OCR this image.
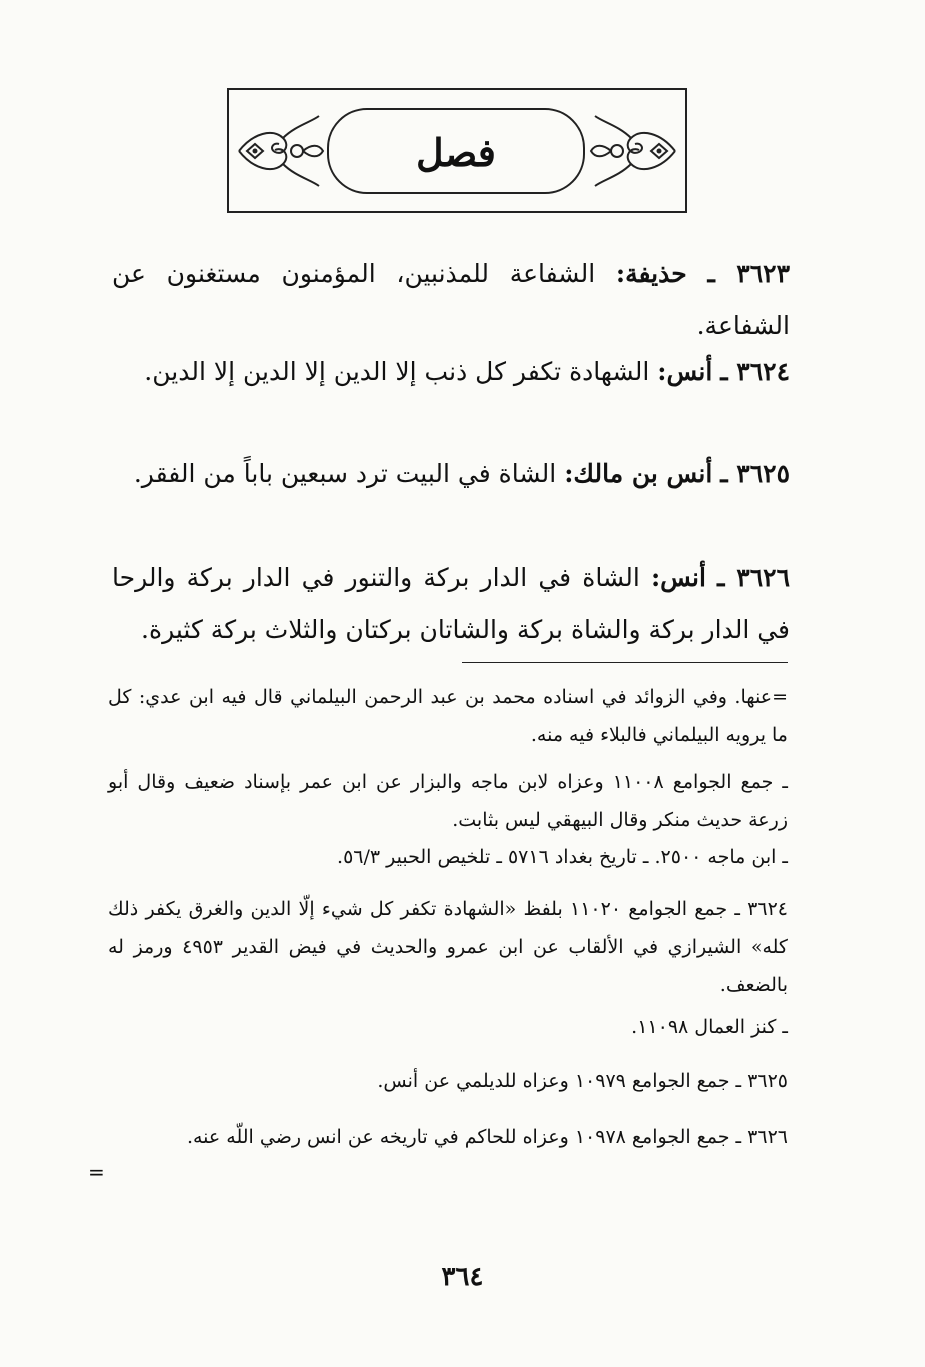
فصل
٣٦٢٣ ـ حذيفة: الشفاعة للمذنبين، المؤمنون مستغنون عن الشفاعة.
٣٦٢٤ ـ أنس: الشهادة تكفر كل ذنب إلا الدين إلا الدين إلا الدين.
٣٦٢٥ ـ أنس بن مالك: الشاة في البيت ترد سبعين باباً من الفقر.
٣٦٢٦ ـ أنس: الشاة في الدار بركة والتنور في الدار بركة والرحا في الدار بركة والشاة بركة والشاتان بركتان والثلاث بركة كثيرة.
=عنها. وفي الزوائد في اسناده محمد بن عبد الرحمن البيلماني قال فيه ابن عدي: كل ما يرويه البيلماني فالبلاء فيه منه.
ـ جمع الجوامع ١١٠٠٨ وعزاه لابن ماجه والبزار عن ابن عمر بإسناد ضعيف وقال أبو زرعة حديث منكر وقال البيهقي ليس بثابت.
ـ ابن ماجه ٢٥٠٠. ـ تاريخ بغداد ٥٧١٦ ـ تلخيص الحبير ٥٦/٣.
٣٦٢٤ ـ جمع الجوامع ١١٠٢٠ بلفظ «الشهادة تكفر كل شيء إلّا الدين والغرق يكفر ذلك كله» الشيرازي في الألقاب عن ابن عمرو والحديث في فيض القدير ٤٩٥٣ ورمز له بالضعف.
ـ كنز العمال ١١٠٩٨.
٣٦٢٥ ـ جمع الجوامع ١٠٩٧٩ وعزاه للديلمي عن أنس.
٣٦٢٦ ـ جمع الجوامع ١٠٩٧٨ وعزاه للحاكم في تاريخه عن انس رضي اللّه عنه.
=
٣٦٤
